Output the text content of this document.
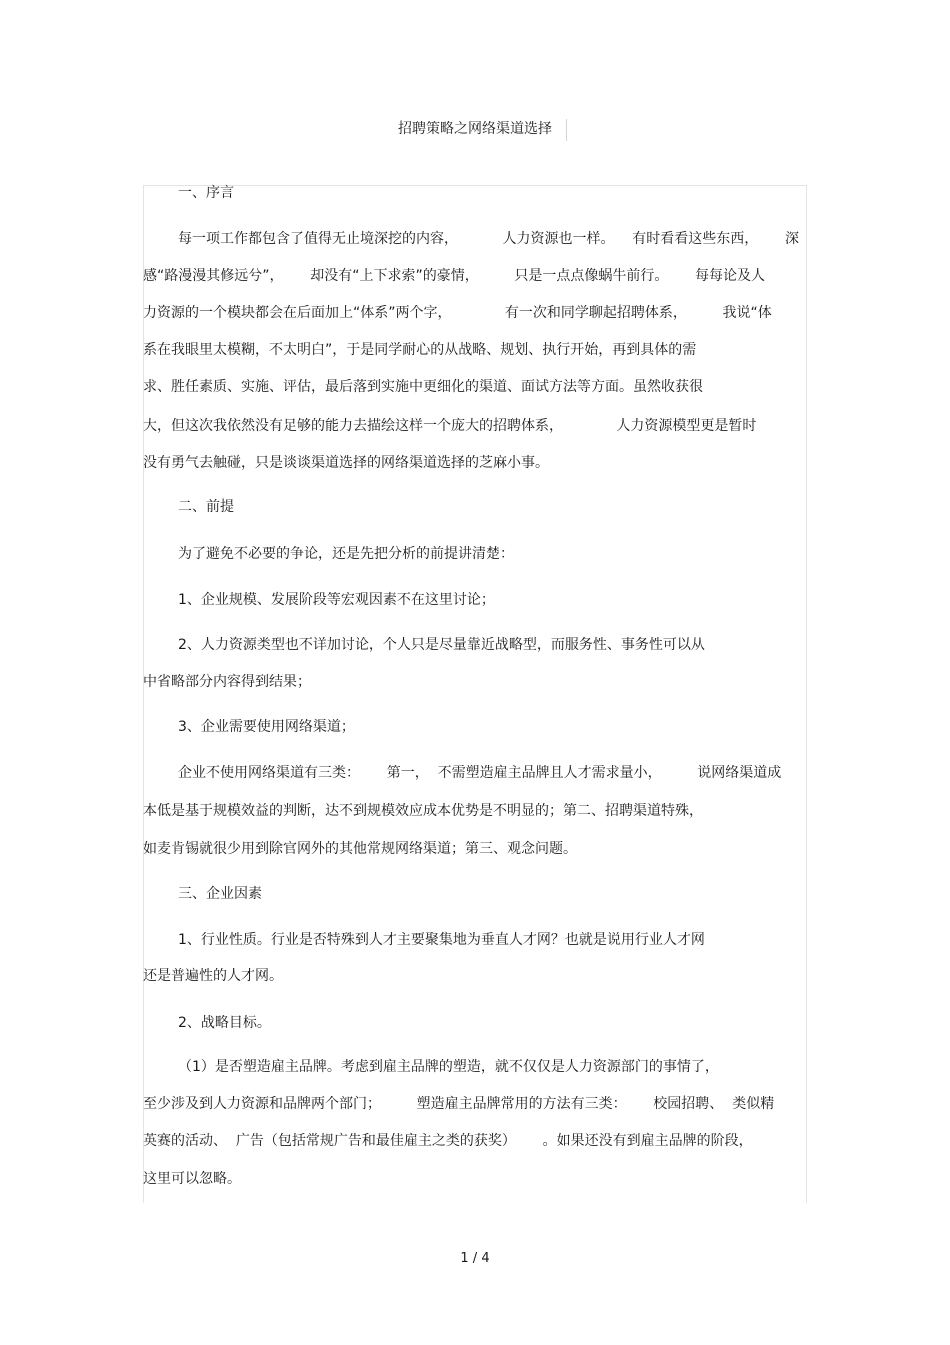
招聘策略之网络渠道选择

一、序言

每一项工作都包含了值得无止境深挖的内容，          人力资源也一样。    有时看看这些东西，      深

感“路漫漫其修远兮”，      却没有“上下求索”的豪情，        只是一点点像蜗牛前行。      每每论及人

力资源的一个模块都会在后面加上“体系”两个字，            有一次和同学聊起招聘体系，        我说“体

系在我眼里太模糊，不太明白”，于是同学耐心的从战略、规划、执行开始，再到具体的需

求、胜任素质、实施、评估，最后落到实施中更细化的渠道、面试方法等方面。虽然收获很

大，但这次我依然没有足够的能力去描绘这样一个庞大的招聘体系，            人力资源模型更是暂时

没有勇气去触碰，只是谈谈渠道选择的网络渠道选择的芝麻小事。

二、前提

为了避免不必要的争论，还是先把分析的前提讲清楚：

1、企业规模、发展阶段等宏观因素不在这里讨论；

2、人力资源类型也不详加讨论，个人只是尽量靠近战略型，而服务性、事务性可以从

中省略部分内容得到结果；

3、企业需要使用网络渠道；

企业不使用网络渠道有三类：      第一，  不需塑造雇主品牌且人才需求量小，        说网络渠道成

本低是基于规模效益的判断，达不到规模效应成本优势是不明显的；第二、招聘渠道特殊，

如麦肯锡就很少用到除官网外的其他常规网络渠道；第三、观念问题。

三、企业因素

1、行业性质。行业是否特殊到人才主要聚集地为垂直人才网？也就是说用行业人才网

还是普遍性的人才网。

2、战略目标。

（1）是否塑造雇主品牌。考虑到雇主品牌的塑造，就不仅仅是人力资源部门的事情了，

至少涉及到人力资源和品牌两个部门；        塑造雇主品牌常用的方法有三类：      校园招聘、  类似精

英赛的活动、  广告（包括常规广告和最佳雇主之类的获奖）      。如果还没有到雇主品牌的阶段，

这里可以忽略。

1 / 4
